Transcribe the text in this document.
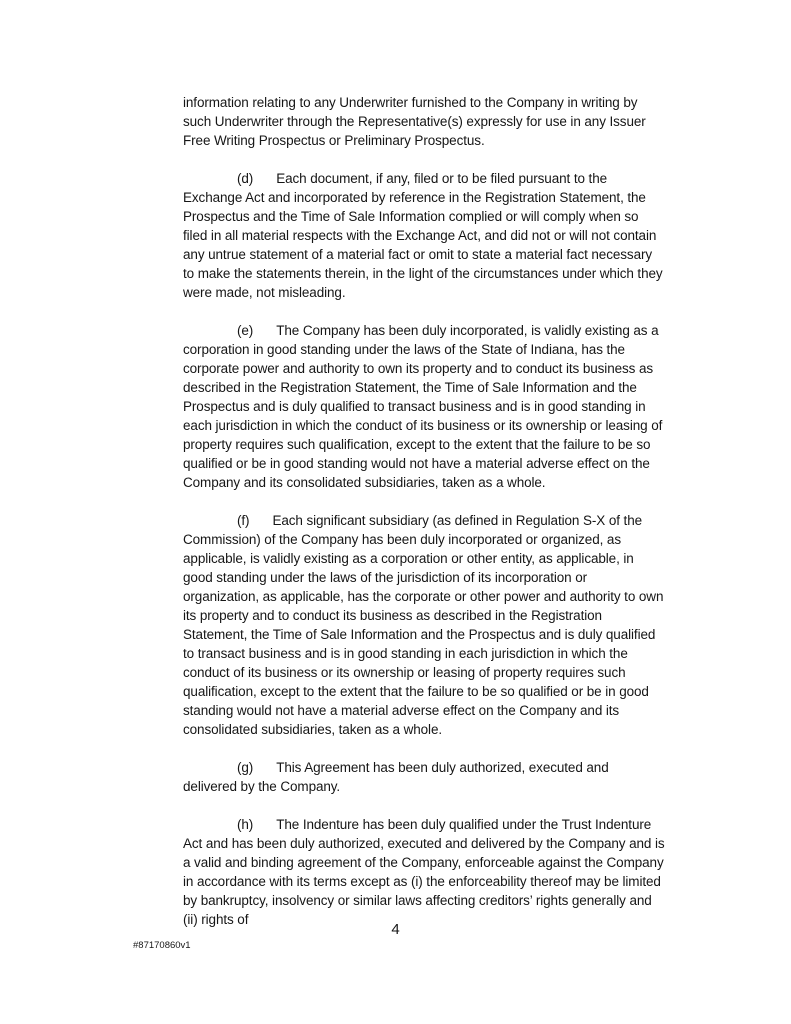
information relating to any Underwriter furnished to the Company in writing by such Underwriter through the Representative(s) expressly for use in any Issuer Free Writing Prospectus or Preliminary Prospectus.

(d) Each document, if any, filed or to be filed pursuant to the Exchange Act and incorporated by reference in the Registration Statement, the Prospectus and the Time of Sale Information complied or will comply when so filed in all material respects with the Exchange Act, and did not or will not contain any untrue statement of a material fact or omit to state a material fact necessary to make the statements therein, in the light of the circumstances under which they were made, not misleading.

(e) The Company has been duly incorporated, is validly existing as a corporation in good standing under the laws of the State of Indiana, has the corporate power and authority to own its property and to conduct its business as described in the Registration Statement, the Time of Sale Information and the Prospectus and is duly qualified to transact business and is in good standing in each jurisdiction in which the conduct of its business or its ownership or leasing of property requires such qualification, except to the extent that the failure to be so qualified or be in good standing would not have a material adverse effect on the Company and its consolidated subsidiaries, taken as a whole.

(f) Each significant subsidiary (as defined in Regulation S-X of the Commission) of the Company has been duly incorporated or organized, as applicable, is validly existing as a corporation or other entity, as applicable, in good standing under the laws of the jurisdiction of its incorporation or organization, as applicable, has the corporate or other power and authority to own its property and to conduct its business as described in the Registration Statement, the Time of Sale Information and the Prospectus and is duly qualified to transact business and is in good standing in each jurisdiction in which the conduct of its business or its ownership or leasing of property requires such qualification, except to the extent that the failure to be so qualified or be in good standing would not have a material adverse effect on the Company and its consolidated subsidiaries, taken as a whole.

(g) This Agreement has been duly authorized, executed and delivered by the Company.

(h) The Indenture has been duly qualified under the Trust Indenture Act and has been duly authorized, executed and delivered by the Company and is a valid and binding agreement of the Company, enforceable against the Company in accordance with its terms except as (i) the enforceability thereof may be limited by bankruptcy, insolvency or similar laws affecting creditors’ rights generally and (ii) rights of

4
#87170860v1
